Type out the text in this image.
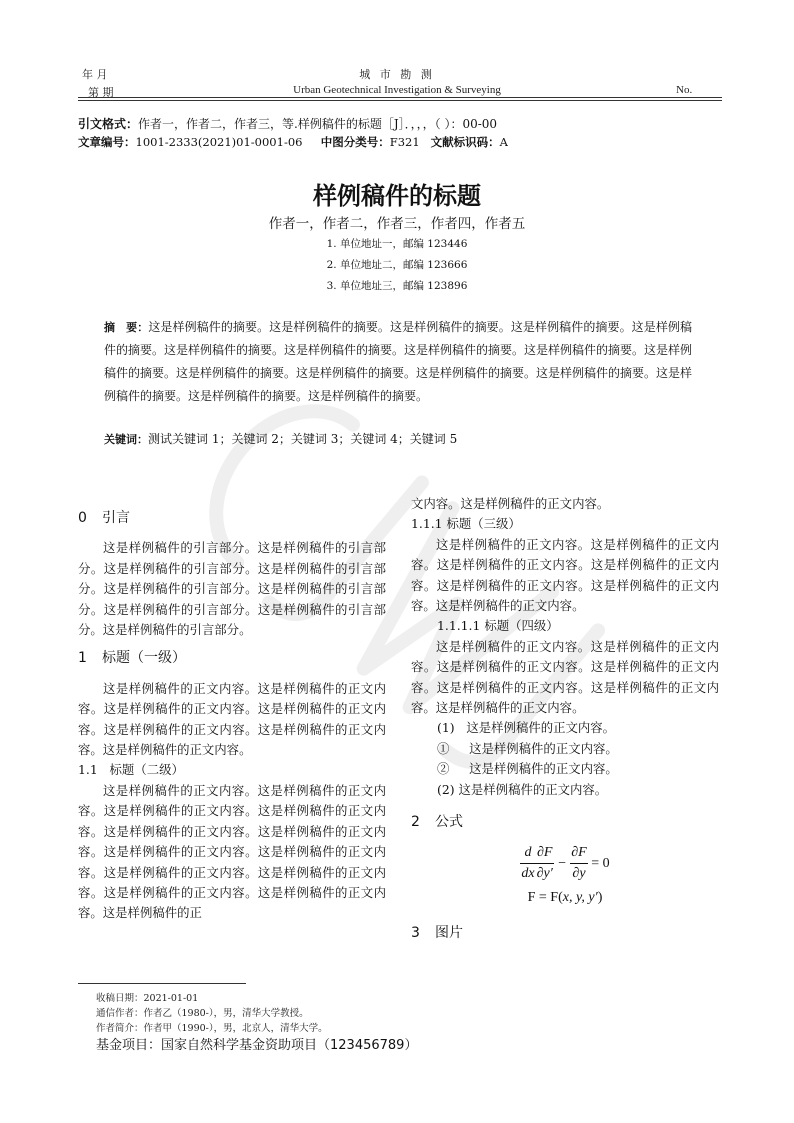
年 月
第 期
城 市 勘 测
Urban Geotechnical Investigation & Surveying	No.
引文格式：作者一，作者二，作者三，等.样例稿件的标题［J］．，，，（ ）：00-00
文章编号：1001-2333(2021)01-0001-06 中图分类号：F321 文献标识码：A
样例稿件的标题
作者一，作者二，作者三，作者四，作者五
1. 单位地址一，邮编 123446
2. 单位地址二，邮编 123666
3. 单位地址三，邮编 123896
摘　要：这是样例稿件的摘要。这是样例稿件的摘要。这是样例稿件的摘要。这是样例稿件的摘要。这是样例稿件的摘要。这是样例稿件的摘要。这是样例稿件的摘要。这是样例稿件的摘要。这是样例稿件的摘要。这是样例稿件的摘要。这是样例稿件的摘要。这是样例稿件的摘要。这是样例稿件的摘要。这是样例稿件的摘要。这是样例稿件的摘要。这是样例稿件的摘要。这是样例稿件的摘要。
关键词：测试关键词 1；关键词 2；关键词 3；关键词 4；关键词 5

0 引言

这是样例稿件的引言部分。这是样例稿件的引言部分。这是样例稿件的引言部分。这是样例稿件的引言部分。这是样例稿件的引言部分。这是样例稿件的引言部分。这是样例稿件的引言部分。这是样例稿件的引言部分。这是样例稿件的引言部分。

1 标题（一级）

这是样例稿件的正文内容。这是样例稿件的正文内容。这是样例稿件的正文内容。这是样例稿件的正文内容。这是样例稿件的正文内容。这是样例稿件的正文内容。这是样例稿件的正文内容。

1.1 标题（二级）

这是样例稿件的正文内容。这是样例稿件的正文内容。这是样例稿件的正文内容。这是样例稿件的正文内容。这是样例稿件的正文内容。这是样例稿件的正文内容。这是样例稿件的正文内容。这是样例稿件的正文内容。这是样例稿件的正文内容。这是样例稿件的正文内容。这是样例稿件的正文内容。这是样例稿件的正文内容。这是样例稿件的正

文内容。这是样例稿件的正文内容。

1.1.1 标题（三级）

这是样例稿件的正文内容。这是样例稿件的正文内容。这是样例稿件的正文内容。这是样例稿件的正文内容。这是样例稿件的正文内容。这是样例稿件的正文内容。这是样例稿件的正文内容。

1.1.1.1 标题（四级）

这是样例稿件的正文内容。这是样例稿件的正文内容。这是样例稿件的正文内容。这是样例稿件的正文内容。这是样例稿件的正文内容。这是样例稿件的正文内容。这是样例稿件的正文内容。

(1) 这是样例稿件的正文内容。

① 这是样例稿件的正文内容。

② 这是样例稿件的正文内容。

(2) 这是样例稿件的正文内容。

2 公式

$\frac{d}{dx} \frac{\partial F}{\partial y'} - \frac{\partial F}{\partial y} = 0$
F = F(x, y, y′)

3 图片

收稿日期：2021-01-01
通信作者：作者乙（1980-），男，清华大学教授。
作者简介：作者甲（1990-），男，北京人，清华大学。
基金项目：国家自然科学基金资助项目（123456789）
